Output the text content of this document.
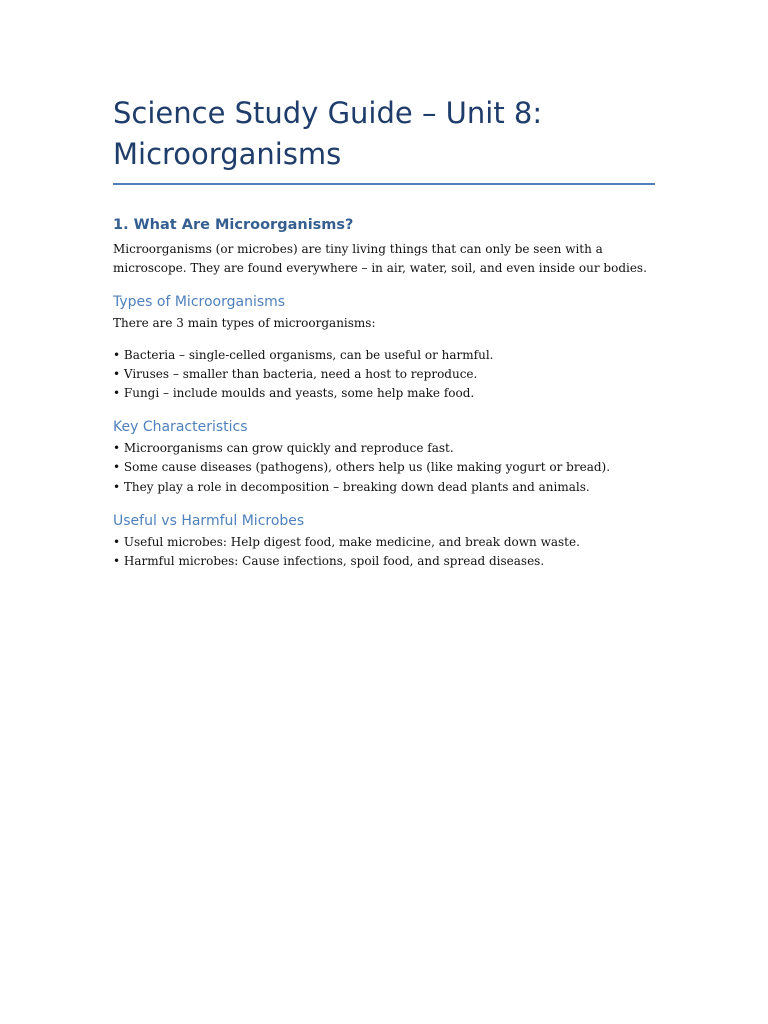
Science Study Guide – Unit 8: Microorganisms
1. What Are Microorganisms?

Microorganisms (or microbes) are tiny living things that can only be seen with a microscope. They are found everywhere – in air, water, soil, and even inside our bodies.

Types of Microorganisms

There are 3 main types of microorganisms:

• Bacteria – single-celled organisms, can be useful or harmful.
• Viruses – smaller than bacteria, need a host to reproduce.
• Fungi – include moulds and yeasts, some help make food.
Key Characteristics
• Microorganisms can grow quickly and reproduce fast.
• Some cause diseases (pathogens), others help us (like making yogurt or bread).
• They play a role in decomposition – breaking down dead plants and animals.
Useful vs Harmful Microbes
• Useful microbes: Help digest food, make medicine, and break down waste.
• Harmful microbes: Cause infections, spoil food, and spread diseases.
